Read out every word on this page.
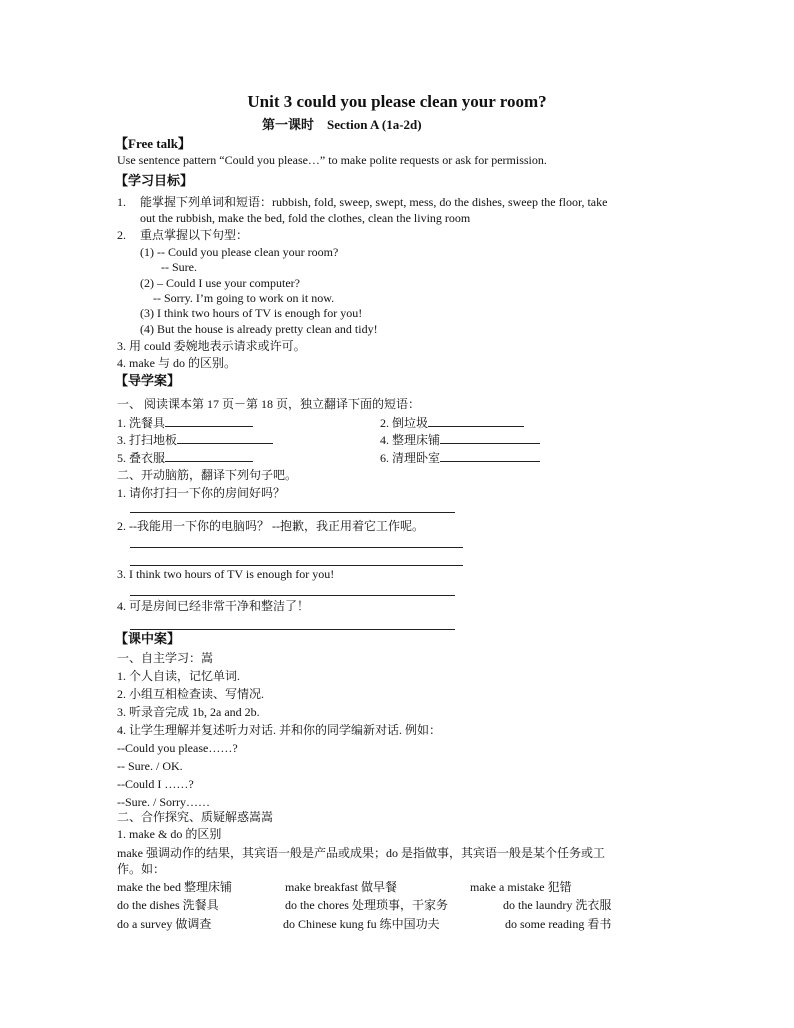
Unit 3 could you please clean your room?
第一课时　Section A (1a-2d)
【Free talk】
Use sentence pattern “Could you please…” to make polite requests or ask for permission.
【学习目标】
1. 能掌握下列单词和短语：rubbish, fold, sweep, swept, mess, do the dishes, sweep the floor, take
out the rubbish, make the bed, fold the clothes, clean the living room
2. 重点掌握以下句型：
(1) -- Could you please clean your room?
-- Sure.
(2) – Could I use your computer?
-- Sorry. I’m going to work on it now.
(3) I think two hours of TV is enough for you!
(4) But the house is already pretty clean and tidy!
3. 用 could 委婉地表示请求或许可。
4. make 与 do 的区别。
【导学案】
一、 阅读课本第 17 页－第 18 页，独立翻译下面的短语：
1. 洗餐具	2. 倒垃圾
3. 打扫地板	4. 整理床铺
5. 叠衣服	6. 清理卧室
二、开动脑筋，翻译下列句子吧。
1. 请你打扫一下你的房间好吗？
2. --我能用一下你的电脑吗？ --抱歉，我正用着它工作呢。
3. I think two hours of TV is enough for you!
4. 可是房间已经非常干净和整洁了！
【课中案】
一、自主学习：嵩
1. 个人自读，记忆单词.
2. 小组互相检查读、写情况.
3. 听录音完成 1b, 2a and 2b.
4. 让学生理解并复述听力对话. 并和你的同学编新对话. 例如：
--Could you please……?
-- Sure. / OK.
--Could I ……?
--Sure. / Sorry……
二、合作探究、质疑解惑嵩嵩
1. make & do 的区别
make 强调动作的结果，其宾语一般是产品或成果；do 是指做事，其宾语一般是某个任务或工
作。如：
make the bed 整理床铺	make breakfast 做早餐	make a mistake 犯错
do the dishes 洗餐具	do the chores 处理琐事，干家务	do the laundry 洗衣服
do a survey 做调查	do Chinese kung fu 练中国功夫	do some reading 看书
